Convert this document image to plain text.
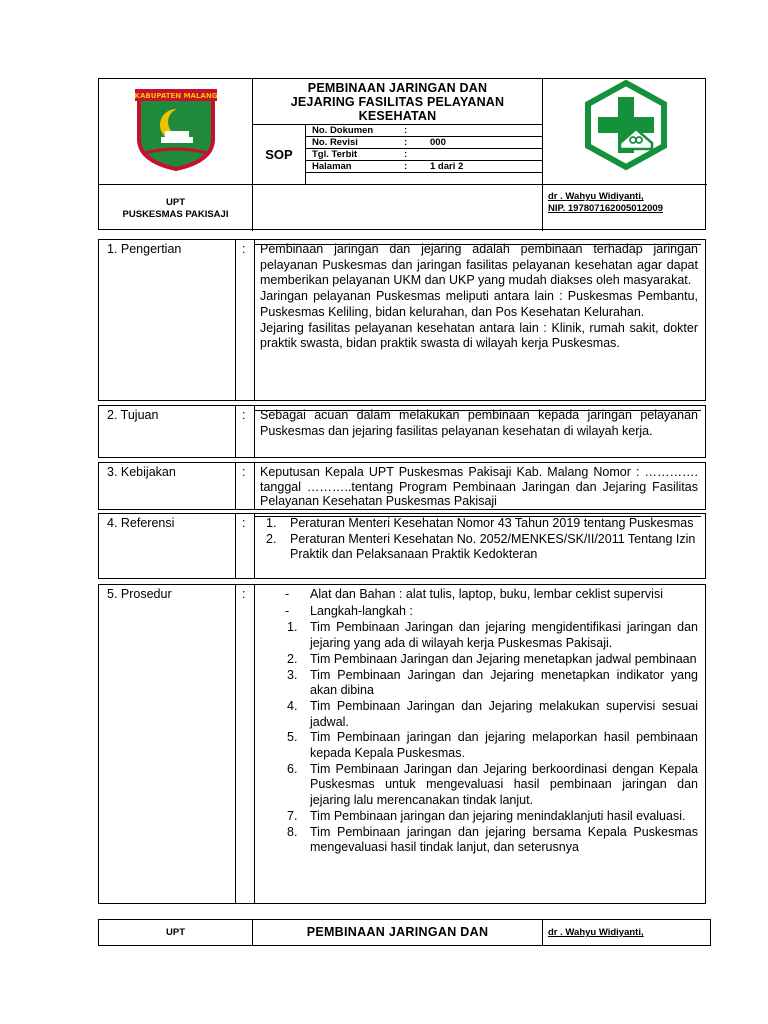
KABUPATEN MALANG
PEMBINAAN JARINGAN DAN
JEJARING FASILITAS PELAYANAN
KESEHATAN
SOP
No. Dokumen	:
No. Revisi	: 000
Tgl. Terbit	:
Halaman	: 1 dari 2
UPT
PUSKESMAS PAKISAJI
dr . Wahyu Widiyanti,
NIP. 197807162005012009
1. Pengertian	: Pembinaan jaringan dan jejaring adalah pembinaan terhadap jaringan pelayanan Puskesmas dan jaringan fasilitas pelayanan kesehatan agar dapat memberikan pelayanan UKM dan UKP yang mudah diakses oleh masyarakat.

Jaringan pelayanan Puskesmas meliputi antara lain : Puskesmas Pembantu, Puskesmas Keliling, bidan kelurahan, dan Pos Kesehatan Kelurahan.

Jejaring fasilitas pelayanan kesehatan antara lain : Klinik, rumah sakit, dokter praktik swasta, bidan praktik swasta di wilayah kerja Puskesmas.

2. Tujuan	: Sebagai acuan dalam melakukan pembinaan kepada jaringan pelayanan Puskesmas dan jejaring fasilitas pelayanan kesehatan di wilayah kerja.
3. Kebijakan	: Keputusan Kepala UPT Puskesmas Pakisaji Kab. Malang Nomor : …………. tanggal ………..tentang Program Pembinaan Jaringan dan Jejaring Fasilitas Pelayanan Kesehatan Puskesmas Pakisaji
4. Referensi	: 1. Peraturan Menteri Kesehatan Nomor 43 Tahun 2019 tentang Puskesmas
2. Peraturan Menteri Kesehatan No. 2052/MENKES/SK/II/2011 Tentang Izin Praktik dan Pelaksanaan Praktik Kedokteran
5. Prosedur	:	- Alat dan Bahan : alat tulis, laptop, buku, lembar ceklist supervisi
- Langkah-langkah :
1. Tim Pembinaan Jaringan dan jejaring mengidentifikasi jaringan dan jejaring yang ada di wilayah kerja Puskesmas Pakisaji.
2. Tim Pembinaan Jaringan dan Jejaring menetapkan jadwal pembinaan
3. Tim Pembinaan Jaringan dan Jejaring menetapkan indikator yang akan dibina
4. Tim Pembinaan Jaringan dan Jejaring melakukan supervisi sesuai jadwal.
5. Tim Pembinaan jaringan dan jejaring melaporkan hasil pembinaan kepada Kepala Puskesmas.
6. Tim Pembinaan Jaringan dan Jejaring berkoordinasi dengan Kepala Puskesmas untuk mengevaluasi hasil pembinaan jaringan dan jejaring lalu merencanakan tindak lanjut.
7. Tim Pembinaan jaringan dan jejaring menindaklanjuti hasil evaluasi.
8. Tim Pembinaan jaringan dan jejaring bersama Kepala Puskesmas mengevaluasi hasil tindak lanjut, dan seterusnya
UPT	PEMBINAAN JARINGAN DAN	dr . Wahyu Widiyanti,
